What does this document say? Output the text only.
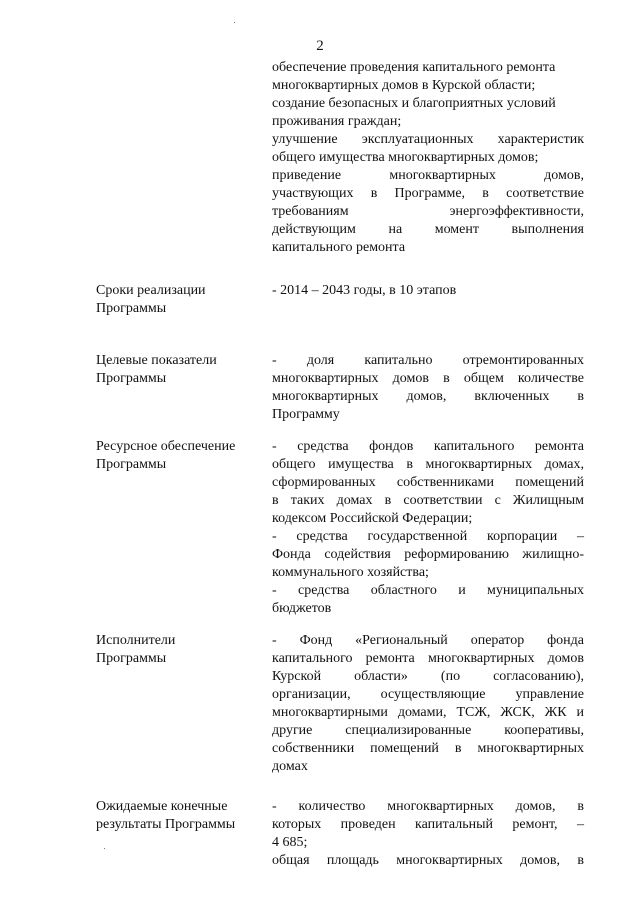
2
обеспечение проведения капитального ремонта
многоквартирных домов в Курской области;
создание безопасных и благоприятных условий
проживания граждан;
улучшение эксплуатационных характеристик
общего имущества многоквартирных домов;
приведение многоквартирных домов,
участвующих в Программе, в соответствие
требованиям энергоэффективности,
действующим на момент выполнения
капитального ремонта
Сроки реализации
Программы
- 2014 – 2043 годы, в 10 этапов
Целевые показатели
Программы
- доля капитально отремонтированных
многоквартирных домов в общем количестве
многоквартирных домов, включенных в
Программу
Ресурсное обеспечение
Программы
- средства фондов капитального ремонта
общего имущества в многоквартирных домах,
сформированных собственниками помещений
в таких домах в соответствии с Жилищным
кодексом Российской Федерации;
- средства государственной корпорации –
Фонда содействия реформированию жилищно-
коммунального хозяйства;
- средства областного и муниципальных
бюджетов
Исполнители
Программы
- Фонд «Региональный оператор фонда
капитального ремонта многоквартирных домов
Курской области» (по согласованию),
организации, осуществляющие управление
многоквартирными домами, ТСЖ, ЖСК, ЖК и
другие специализированные кооперативы,
собственники помещений в многоквартирных
домах
Ожидаемые конечные
результаты Программы
- количество многоквартирных домов, в
которых проведен капитальный ремонт, –
4 685;
общая площадь многоквартирных домов, в
